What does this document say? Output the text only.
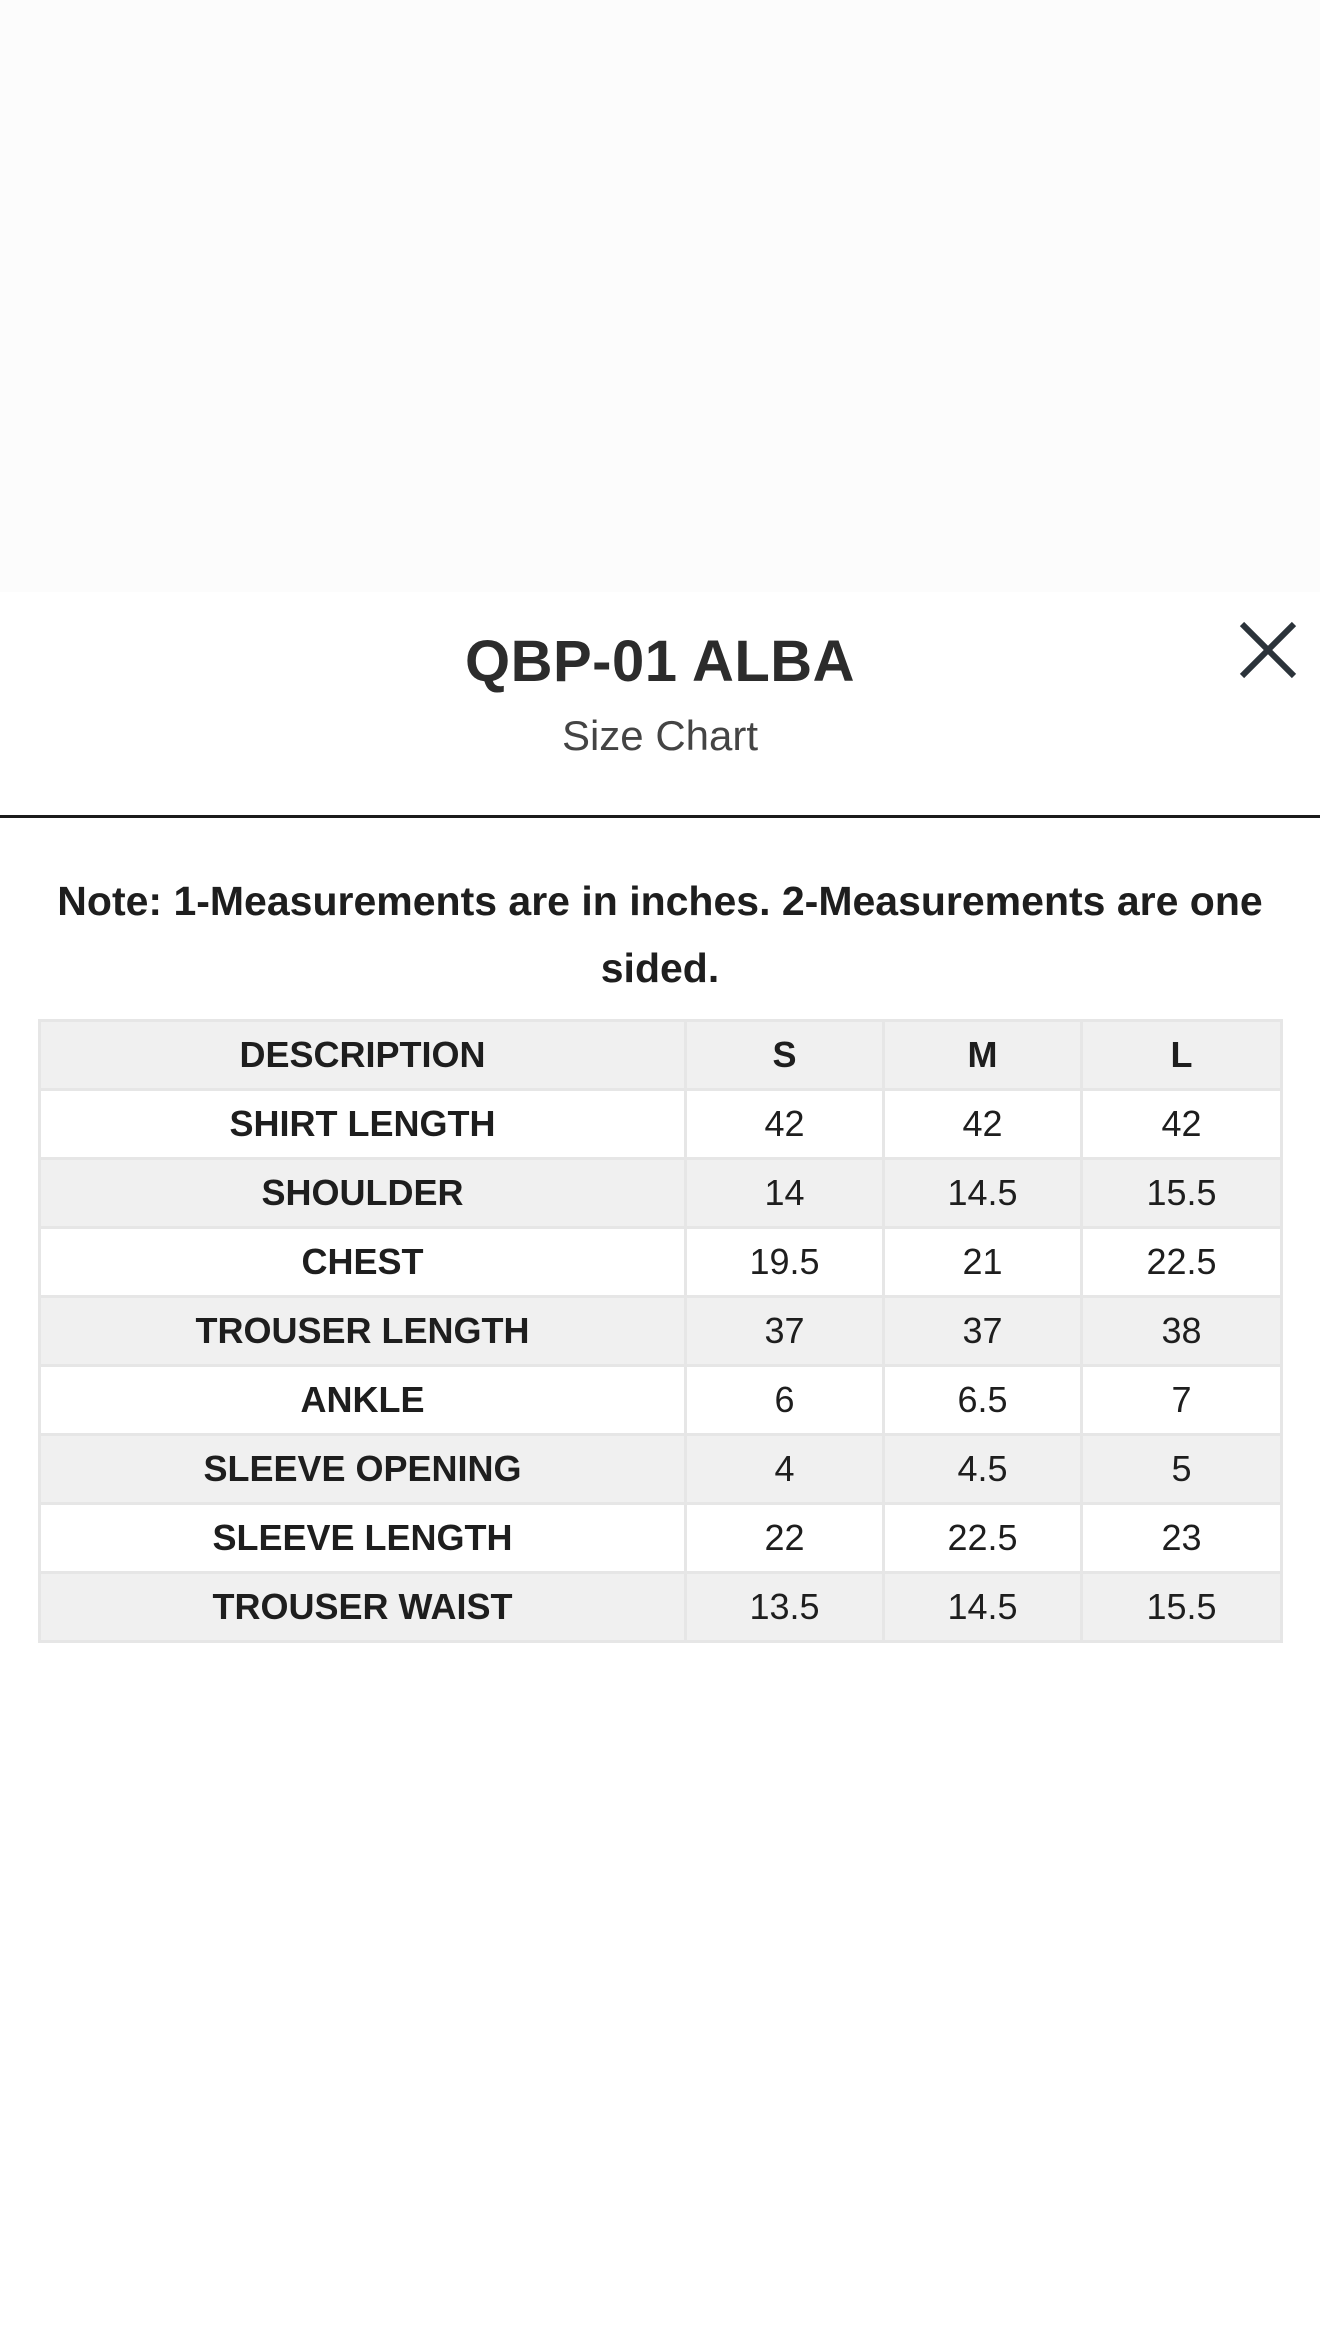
QBP-01 ALBA
Size Chart
Note: 1-Measurements are in inches. 2-Measurements are one sided.
DESCRIPTION	S	M	L
SHIRT LENGTH	42	42	42
SHOULDER	14	14.5	15.5
CHEST	19.5	21	22.5
TROUSER LENGTH	37	37	38
ANKLE	6	6.5	7
SLEEVE OPENING	4	4.5	5
SLEEVE LENGTH	22	22.5	23
TROUSER WAIST	13.5	14.5	15.5
